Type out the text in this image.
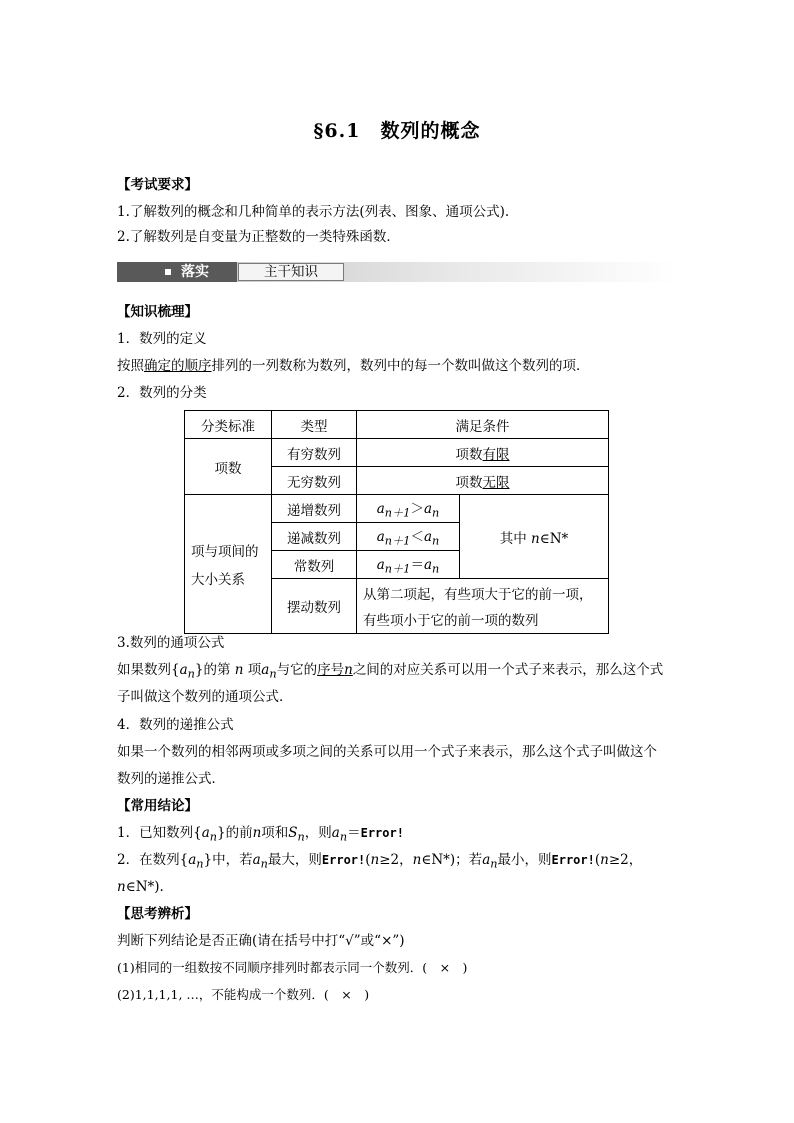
§6.1　数列的概念
【考试要求】
1.了解数列的概念和几种简单的表示方法(列表、图象、通项公式).
2.了解数列是自变量为正整数的一类特殊函数．
落实	主干知识
【知识梳理】
1．数列的定义
按照确定的顺序排列的一列数称为数列，数列中的每一个数叫做这个数列的项．
2．数列的分类
分类标准	类型	满足条件	
项数	有穷数列	项数有限	
	无穷数列	项数无限	

项与项间的
大小关系	递增数列	$a_{n+1}>a_n$	其中 n∈N*
	递减数列	$a_{n+1}<a_n$
	常数列	$a_{n+1}=a_n$
	摆动数列	从第二项起，有些项大于它的前一项，
有些项小于它的前一项的数列	
3.数列的通项公式
如果数列$\{a_n\}$的第 n 项$a_n$与它的序号n之间的对应关系可以用一个式子来表示，那么这个式
子叫做这个数列的通项公式．
4．数列的递推公式
如果一个数列的相邻两项或多项之间的关系可以用一个式子来表示，那么这个式子叫做这个
数列的递推公式．
【常用结论】
1．已知数列$\{a_n\}$的前n项和$S_n$，则$a_n=Error$!
2．在数列$\{a_n\}$中，若$a_n$最大，则Error!(n≥2，n∈N*)；若$a_n$最小，则Error!(n≥2，
n∈N*).
【思考辨析】
判断下列结论是否正确(请在括号中打“√”或“×”)
(1)相同的一组数按不同顺序排列时都表示同一个数列．(　×　)
(2)1,1,1,1, …，不能构成一个数列．(　×　)
